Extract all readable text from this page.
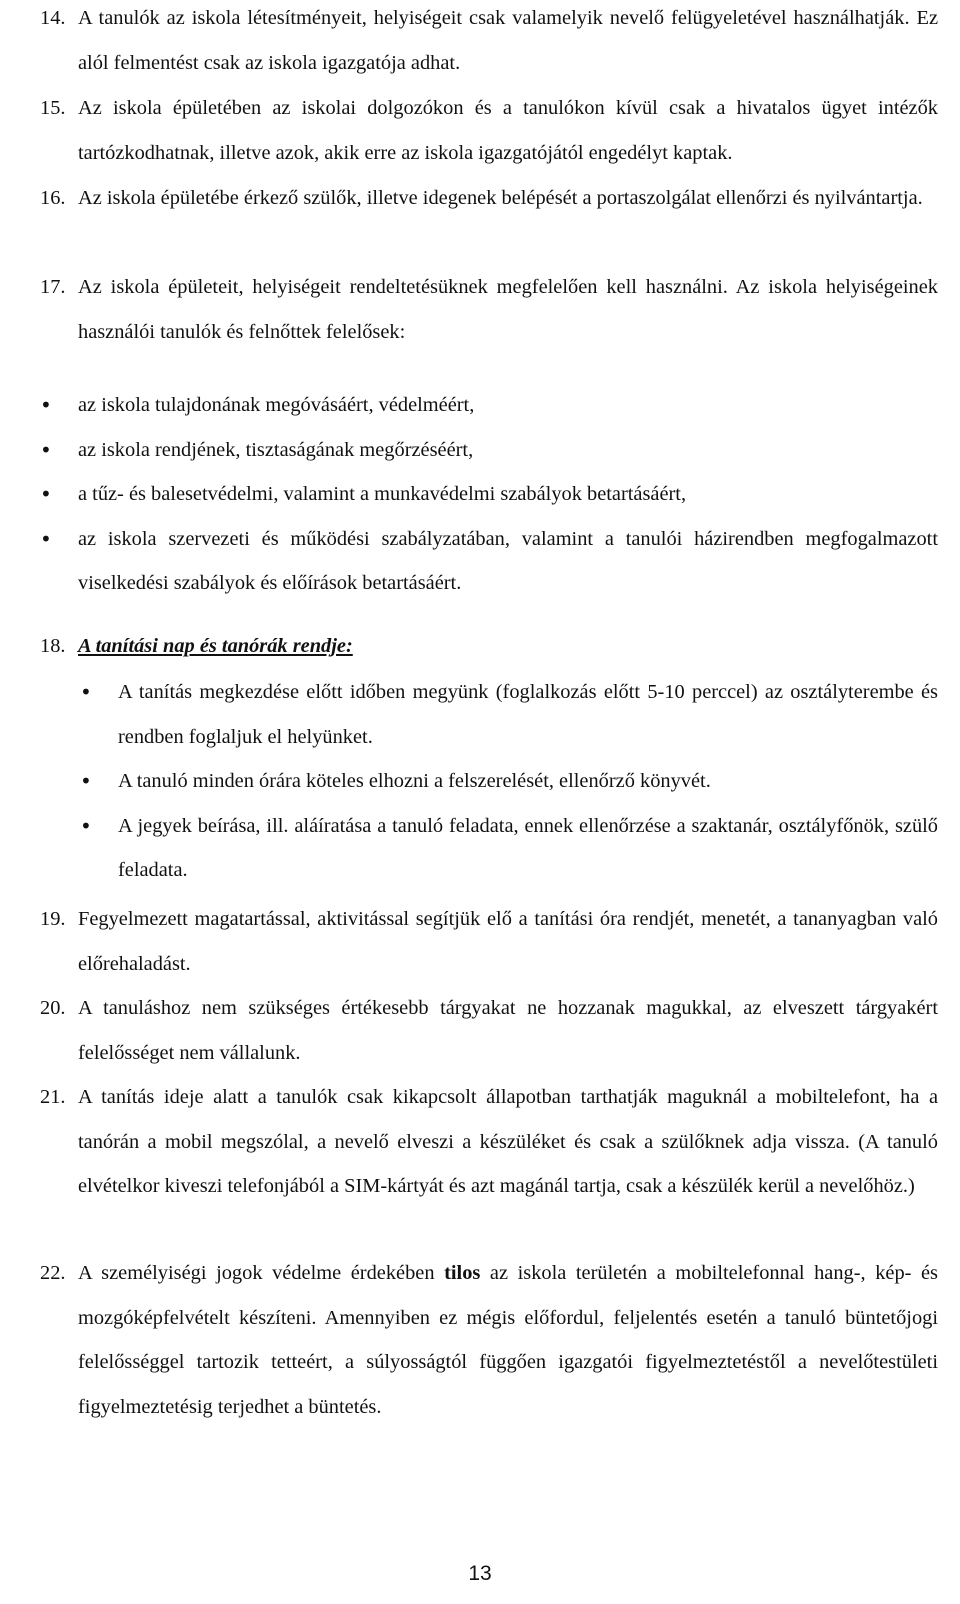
14. A tanulók az iskola létesítményeit, helyiségeit csak valamelyik nevelő felügyeletével használhatják. Ez alól felmentést csak az iskola igazgatója adhat.
15. Az iskola épületében az iskolai dolgozókon és a tanulókon kívül csak a hivatalos ügyet intézők tartózkodhatnak, illetve azok, akik erre az iskola igazgatójától engedélyt kaptak.
16. Az iskola épületébe érkező szülők, illetve idegenek belépését a portaszolgálat ellenőrzi és nyilvántartja.
17. Az iskola épületeit, helyiségeit rendeltetésüknek megfelelően kell használni. Az iskola helyiségeinek használói tanulók és felnőttek felelősek:
• az iskola tulajdonának megóvásáért, védelméért,
• az iskola rendjének, tisztaságának megőrzéséért,
• a tűz- és balesetvédelmi, valamint a munkavédelmi szabályok betartásáért,
• az iskola szervezeti és működési szabályzatában, valamint a tanulói házirendben megfogalmazott viselkedési szabályok és előírások betartásáért.
18. A tanítási nap és tanórák rendje:
• A tanítás megkezdése előtt időben megyünk (foglalkozás előtt 5-10 perccel) az osztályterembe és rendben foglaljuk el helyünket.
• A tanuló minden órára köteles elhozni a felszerelését, ellenőrző könyvét.
• A jegyek beírása, ill. aláíratása a tanuló feladata, ennek ellenőrzése a szaktanár, osztályfőnök, szülő feladata.
19. Fegyelmezett magatartással, aktivitással segítjük elő a tanítási óra rendjét, menetét, a tananyagban való előrehaladást.
20. A tanuláshoz nem szükséges értékesebb tárgyakat ne hozzanak magukkal, az elveszett tárgyakért felelősséget nem vállalunk.
21. A tanítás ideje alatt a tanulók csak kikapcsolt állapotban tarthatják maguknál a mobiltelefont, ha a tanórán a mobil megszólal, a nevelő elveszi a készüléket és csak a szülőknek adja vissza. (A tanuló elvételkor kiveszi telefonjából a SIM-kártyát és azt magánál tartja, csak a készülék kerül a nevelőhöz.)
22. A személyiségi jogok védelme érdekében tilos az iskola területén a mobiltelefonnal hang-, kép- és mozgóképfelvételt készíteni. Amennyiben ez mégis előfordul, feljelentés esetén a tanuló büntetőjogi felelősséggel tartozik tetteért, a súlyosságtól függően igazgatói figyelmeztetéstől a nevelőtestületi figyelmeztetésig terjedhet a büntetés.
13
